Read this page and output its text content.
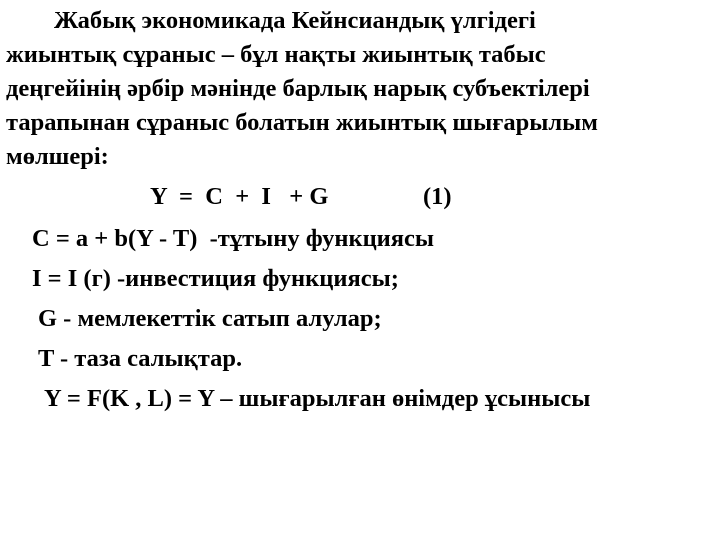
Жабық экономикада Кейнсиандық үлгідегі
жиынтық сұраныс – бұл нақты жиынтық табыс
деңгейінің әрбір мәнінде барлық нарық субъектілері
тарапынан сұраныс болатын жиынтық шығарылым
мөлшері:
Y  =  C  +  I   + G	(1)
C = a + b(Y - T)  -тұтыну функциясы
I = I (г) -инвестиция функциясы;
G - мемлекеттік сатып алулар;
T - таза салықтар.
Y = F(K , L) = Y – шығарылған өнімдер ұсынысы
